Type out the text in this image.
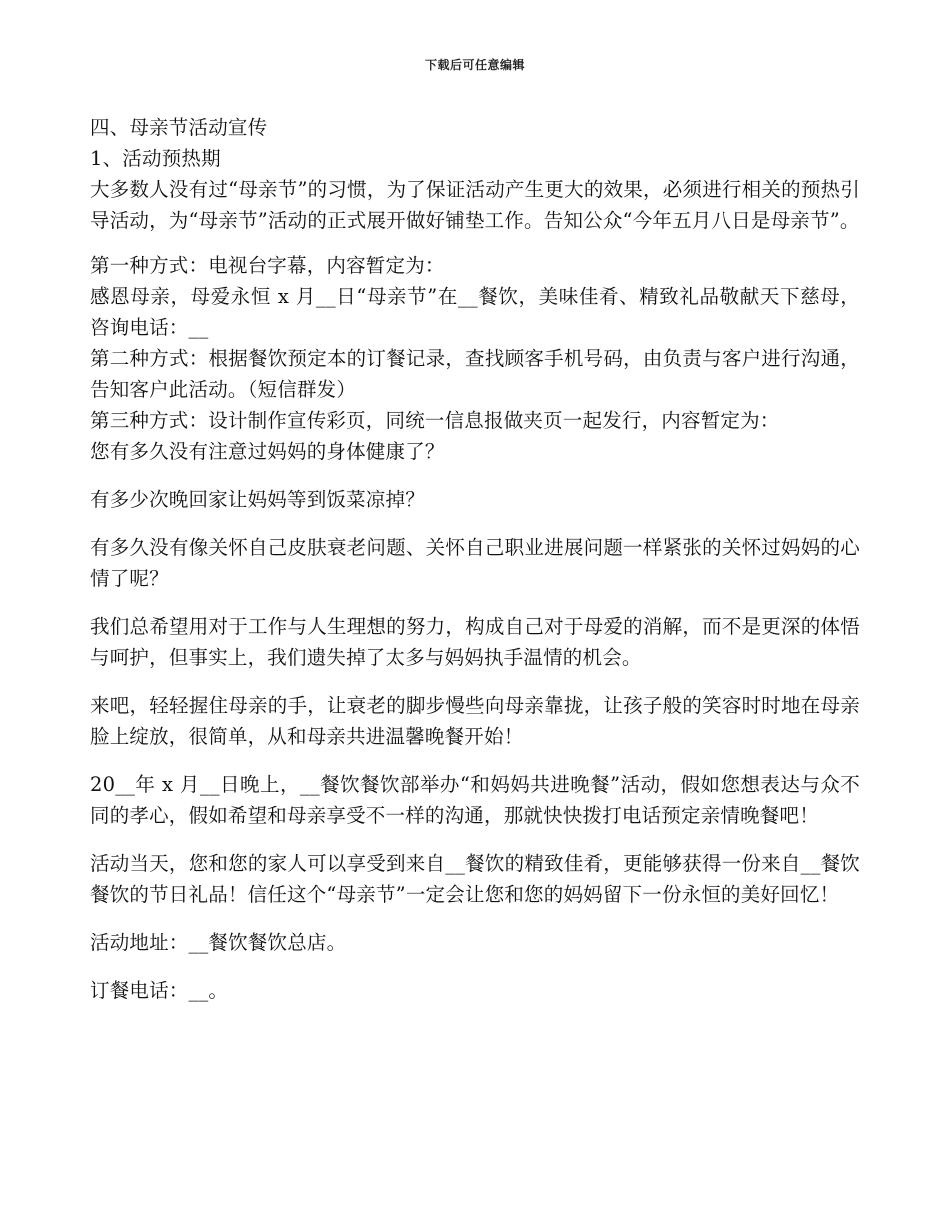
下载后可任意编辑

四、母亲节活动宣传

1、活动预热期

大多数人没有过“母亲节”的习惯，为了保证活动产生更大的效果，必须进行相关的预热引导活动，为“母亲节”活动的正式展开做好铺垫工作。告知公众“今年五月八日是母亲节”。

第一种方式：电视台字幕，内容暂定为：

感恩母亲，母爱永恒 x 月__日“母亲节”在__餐饮，美味佳肴、精致礼品敬献天下慈母，咨询电话：__

第二种方式：根据餐饮预定本的订餐记录，查找顾客手机号码，由负责与客户进行沟通，告知客户此活动。（短信群发）

第三种方式：设计制作宣传彩页，同统一信息报做夹页一起发行，内容暂定为：

您有多久没有注意过妈妈的身体健康了？

有多少次晚回家让妈妈等到饭菜凉掉？

有多久没有像关怀自己皮肤衰老问题、关怀自己职业进展问题一样紧张的关怀过妈妈的心情了呢？

我们总希望用对于工作与人生理想的努力，构成自己对于母爱的消解，而不是更深的体悟与呵护，但事实上，我们遗失掉了太多与妈妈执手温情的机会。

来吧，轻轻握住母亲的手，让衰老的脚步慢些向母亲靠拢，让孩子般的笑容时时地在母亲脸上绽放，很简单，从和母亲共进温馨晚餐开始！

20__年 x 月__日晚上，__餐饮餐饮部举办“和妈妈共进晚餐”活动，假如您想表达与众不同的孝心，假如希望和母亲享受不一样的沟通，那就快快拨打电话预定亲情晚餐吧！

活动当天，您和您的家人可以享受到来自__餐饮的精致佳肴，更能够获得一份来自__餐饮餐饮的节日礼品！信任这个“母亲节”一定会让您和您的妈妈留下一份永恒的美好回忆！

活动地址：__餐饮餐饮总店。

订餐电话：__。
